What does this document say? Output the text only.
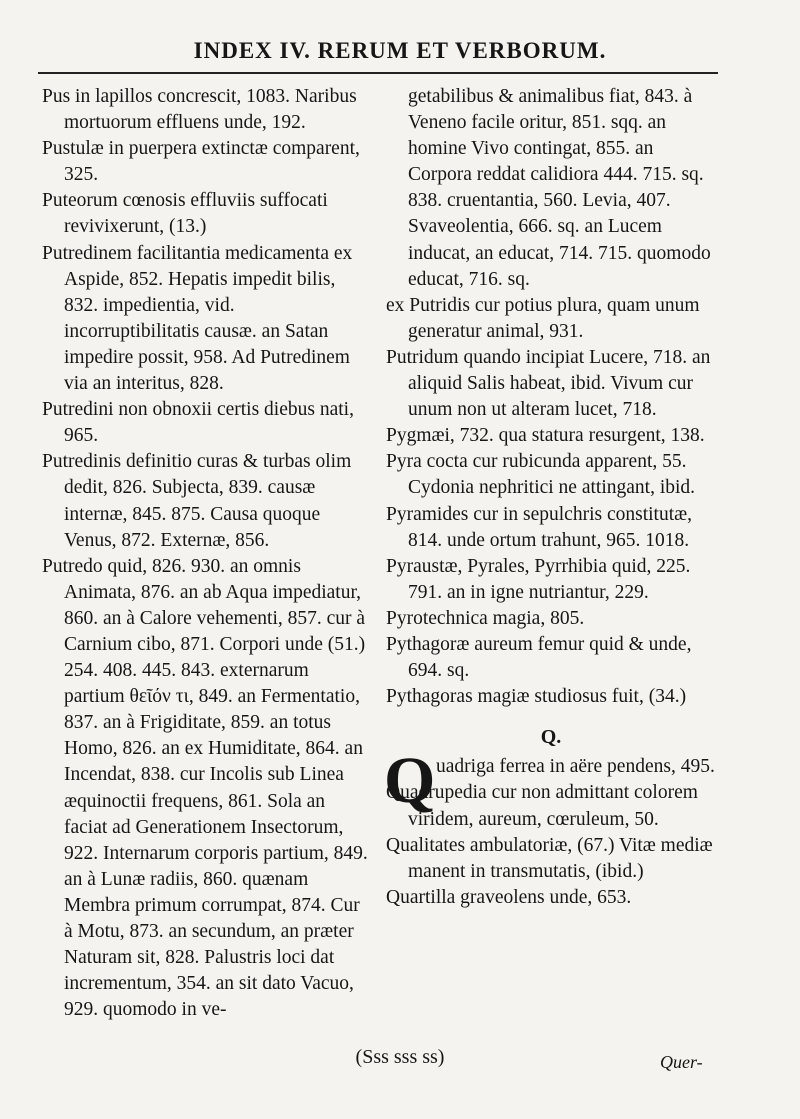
INDEX IV. RERUM ET VERBORUM.

Pus in lapillos concrescit, 1083. Naribus mortuorum effluens unde, 192.

Pustulæ in puerpera extinctæ comparent, 325.

Puteorum cœnosis effluviis suffocati revivixerunt, (13.)

Putredinem facilitantia medicamenta ex Aspide, 852. Hepatis impedit bilis, 832. impedientia, vid. incorruptibilitatis causæ. an Satan impedire possit, 958. Ad Putredinem via an interitus, 828.

Putredini non obnoxii certis diebus nati, 965.

Putredinis definitio curas & turbas olim dedit, 826. Subjecta, 839. causæ internæ, 845. 875. Causa quoque Venus, 872. Externæ, 856.

Putredo quid, 826. 930. an omnis Animata, 876. an ab Aqua impediatur, 860. an à Calore vehementi, 857. cur à Carnium cibo, 871. Corpori unde (51.) 254. 408. 445. 843. externarum partium θεῖόν τι, 849. an Fermentatio, 837. an à Frigiditate, 859. an totus Homo, 826. an ex Humiditate, 864. an Incendat, 838. cur Incolis sub Linea æquinoctii frequens, 861. Sola an faciat ad Generationem Insectorum, 922. Internarum corporis partium, 849. an à Lunæ radiis, 860. quænam Membra primum corrumpat, 874. Cur à Motu, 873. an secundum, an præter Naturam sit, 828. Palustris loci dat incrementum, 354. an sit dato Vacuo, 929. quomodo in ve-

getabilibus & animalibus fiat, 843. à Veneno facile oritur, 851. sqq. an homine Vivo contingat, 855. an Corpora reddat calidiora 444. 715. sq. 838. cruentantia, 560. Levia, 407. Svaveolentia, 666. sq. an Lucem inducat, an educat, 714. 715. quomodo educat, 716. sq.

ex Putridis cur potius plura, quam unum generatur animal, 931.

Putridum quando incipiat Lucere, 718. an aliquid Salis habeat, ibid. Vivum cur unum non ut alteram lucet, 718.

Pygmæi, 732. qua statura resurgent, 138.

Pyra cocta cur rubicunda apparent, 55. Cydonia nephritici ne attingant, ibid.

Pyramides cur in sepulchris constitutæ, 814. unde ortum trahunt, 965. 1018.

Pyraustæ, Pyrales, Pyrrhibia quid, 225. 791. an in igne nutriantur, 229.

Pyrotechnica magia, 805.

Pythagoræ aureum femur quid & unde, 694. sq.

Pythagoras magiæ studiosus fuit, (34.)

Q.

Q uadriga ferrea in aëre pendens, 495.

Quadrupedia cur non admittant colorem viridem, aureum, cœruleum, 50.

Qualitates ambulatoriæ, (67.) Vitæ mediæ manent in transmutatis, (ibid.)

Quartilla graveolens unde, 653.

(Sss sss ss)	Quer-
